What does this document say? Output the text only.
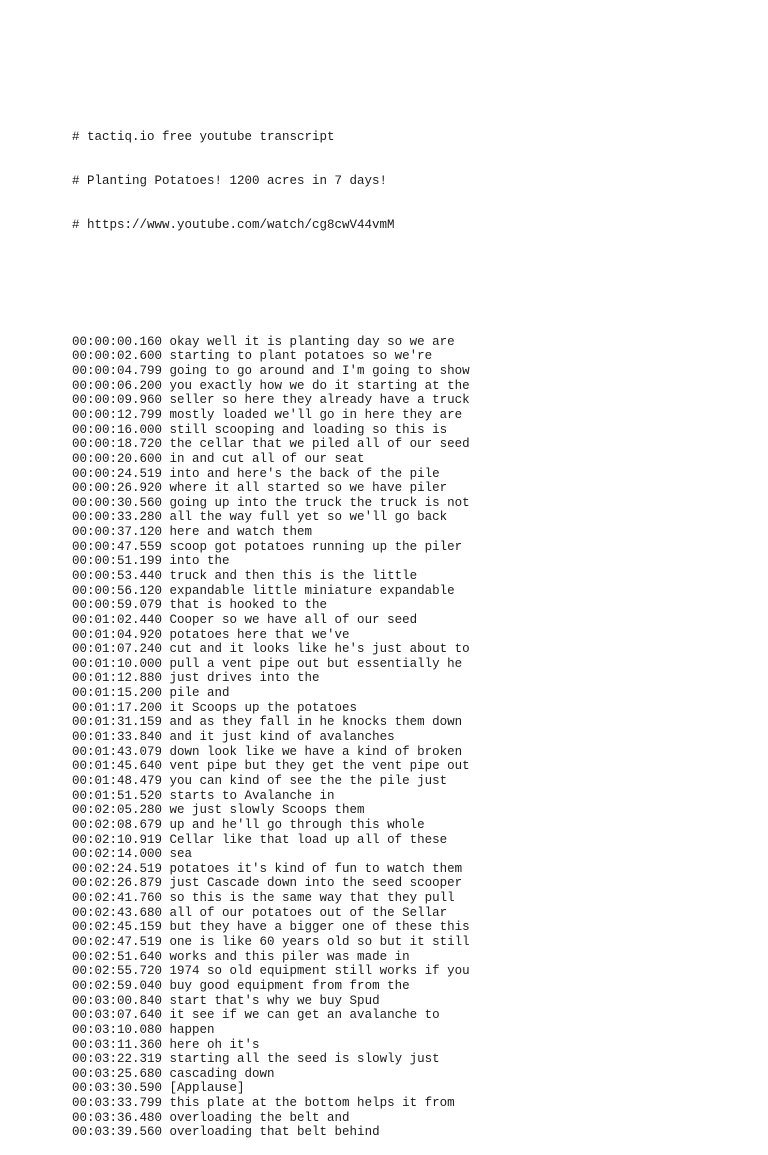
# tactiq.io free youtube transcript

# Planting Potatoes! 1200 acres in 7 days!

# https://www.youtube.com/watch/cg8cwV44vmM

00:00:00.160 okay well it is planting day so we are
00:00:02.600 starting to plant potatoes so we're
00:00:04.799 going to go around and I'm going to show
00:00:06.200 you exactly how we do it starting at the
00:00:09.960 seller so here they already have a truck
00:00:12.799 mostly loaded we'll go in here they are
00:00:16.000 still scooping and loading so this is
00:00:18.720 the cellar that we piled all of our seed
00:00:20.600 in and cut all of our seat
00:00:24.519 into and here's the back of the pile
00:00:26.920 where it all started so we have piler
00:00:30.560 going up into the truck the truck is not
00:00:33.280 all the way full yet so we'll go back
00:00:37.120 here and watch them
00:00:47.559 scoop got potatoes running up the piler
00:00:51.199 into the
00:00:53.440 truck and then this is the little
00:00:56.120 expandable little miniature expandable
00:00:59.079 that is hooked to the
00:01:02.440 Cooper so we have all of our seed
00:01:04.920 potatoes here that we've
00:01:07.240 cut and it looks like he's just about to
00:01:10.000 pull a vent pipe out but essentially he
00:01:12.880 just drives into the
00:01:15.200 pile and
00:01:17.200 it Scoops up the potatoes
00:01:31.159 and as they fall in he knocks them down
00:01:33.840 and it just kind of avalanches
00:01:43.079 down look like we have a kind of broken
00:01:45.640 vent pipe but they get the vent pipe out
00:01:48.479 you can kind of see the the pile just
00:01:51.520 starts to Avalanche in
00:02:05.280 we just slowly Scoops them
00:02:08.679 up and he'll go through this whole
00:02:10.919 Cellar like that load up all of these
00:02:14.000 sea
00:02:24.519 potatoes it's kind of fun to watch them
00:02:26.879 just Cascade down into the seed scooper
00:02:41.760 so this is the same way that they pull
00:02:43.680 all of our potatoes out of the Sellar
00:02:45.159 but they have a bigger one of these this
00:02:47.519 one is like 60 years old so but it still
00:02:51.640 works and this piler was made in
00:02:55.720 1974 so old equipment still works if you
00:02:59.040 buy good equipment from from the
00:03:00.840 start that's why we buy Spud
00:03:07.640 it see if we can get an avalanche to
00:03:10.080 happen
00:03:11.360 here oh it's
00:03:22.319 starting all the seed is slowly just
00:03:25.680 cascading down
00:03:30.590 [Applause]
00:03:33.799 this plate at the bottom helps it from
00:03:36.480 overloading the belt and
00:03:39.560 overloading that belt behind
